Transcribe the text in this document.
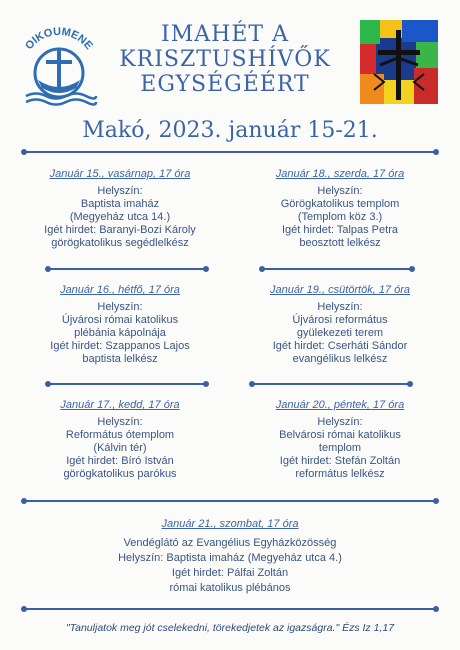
OIKOUMENE	IMAHÉT A
KRISZTUSHÍVŐK
EGYSÉGÉÉRT
Makó, 2023. január 15-21.
Január 15., vasárnap, 17 óra
Helyszín:
Baptista imaház
(Megyeház utca 14.)
Igét hirdet: Baranyi-Bozi Károly
görögkatolikus segédlelkész
Január 18., szerda, 17 óra
Helyszín:
Görögkatolikus templom
(Templom köz 3.)
Igét hirdet: Talpas Petra
beosztott lelkész
Január 16., hétfő, 17 óra
Helyszín:
Újvárosi római katolikus
plébánia kápolnája
Igét hirdet: Szappanos Lajos
baptista lelkész
Január 19., csütörtök, 17 óra
Helyszín:
Újvárosi református
gyülekezeti terem
Igét hirdet: Cserháti Sándor
evangélikus lelkész
Január 17., kedd, 17 óra
Helyszín:
Református ótemplom
(Kálvin tér)
Igét hirdet: Bíró István
görögkatolikus parókus
Január 20., péntek, 17 óra
Helyszín:
Belvárosi római katolikus
templom
Igét hirdet: Stefán Zoltán
református lelkész
Január 21., szombat, 17 óra
Vendéglátó az Evangélius Egyházközösség
Helyszín: Baptista imaház (Megyeház utca 4.)
Igét hirdet: Pálfai Zoltán
római katolikus plébános
"Tanuljatok meg jót cselekedni, törekedjetek az igazságra." Ézs Iz 1,17
